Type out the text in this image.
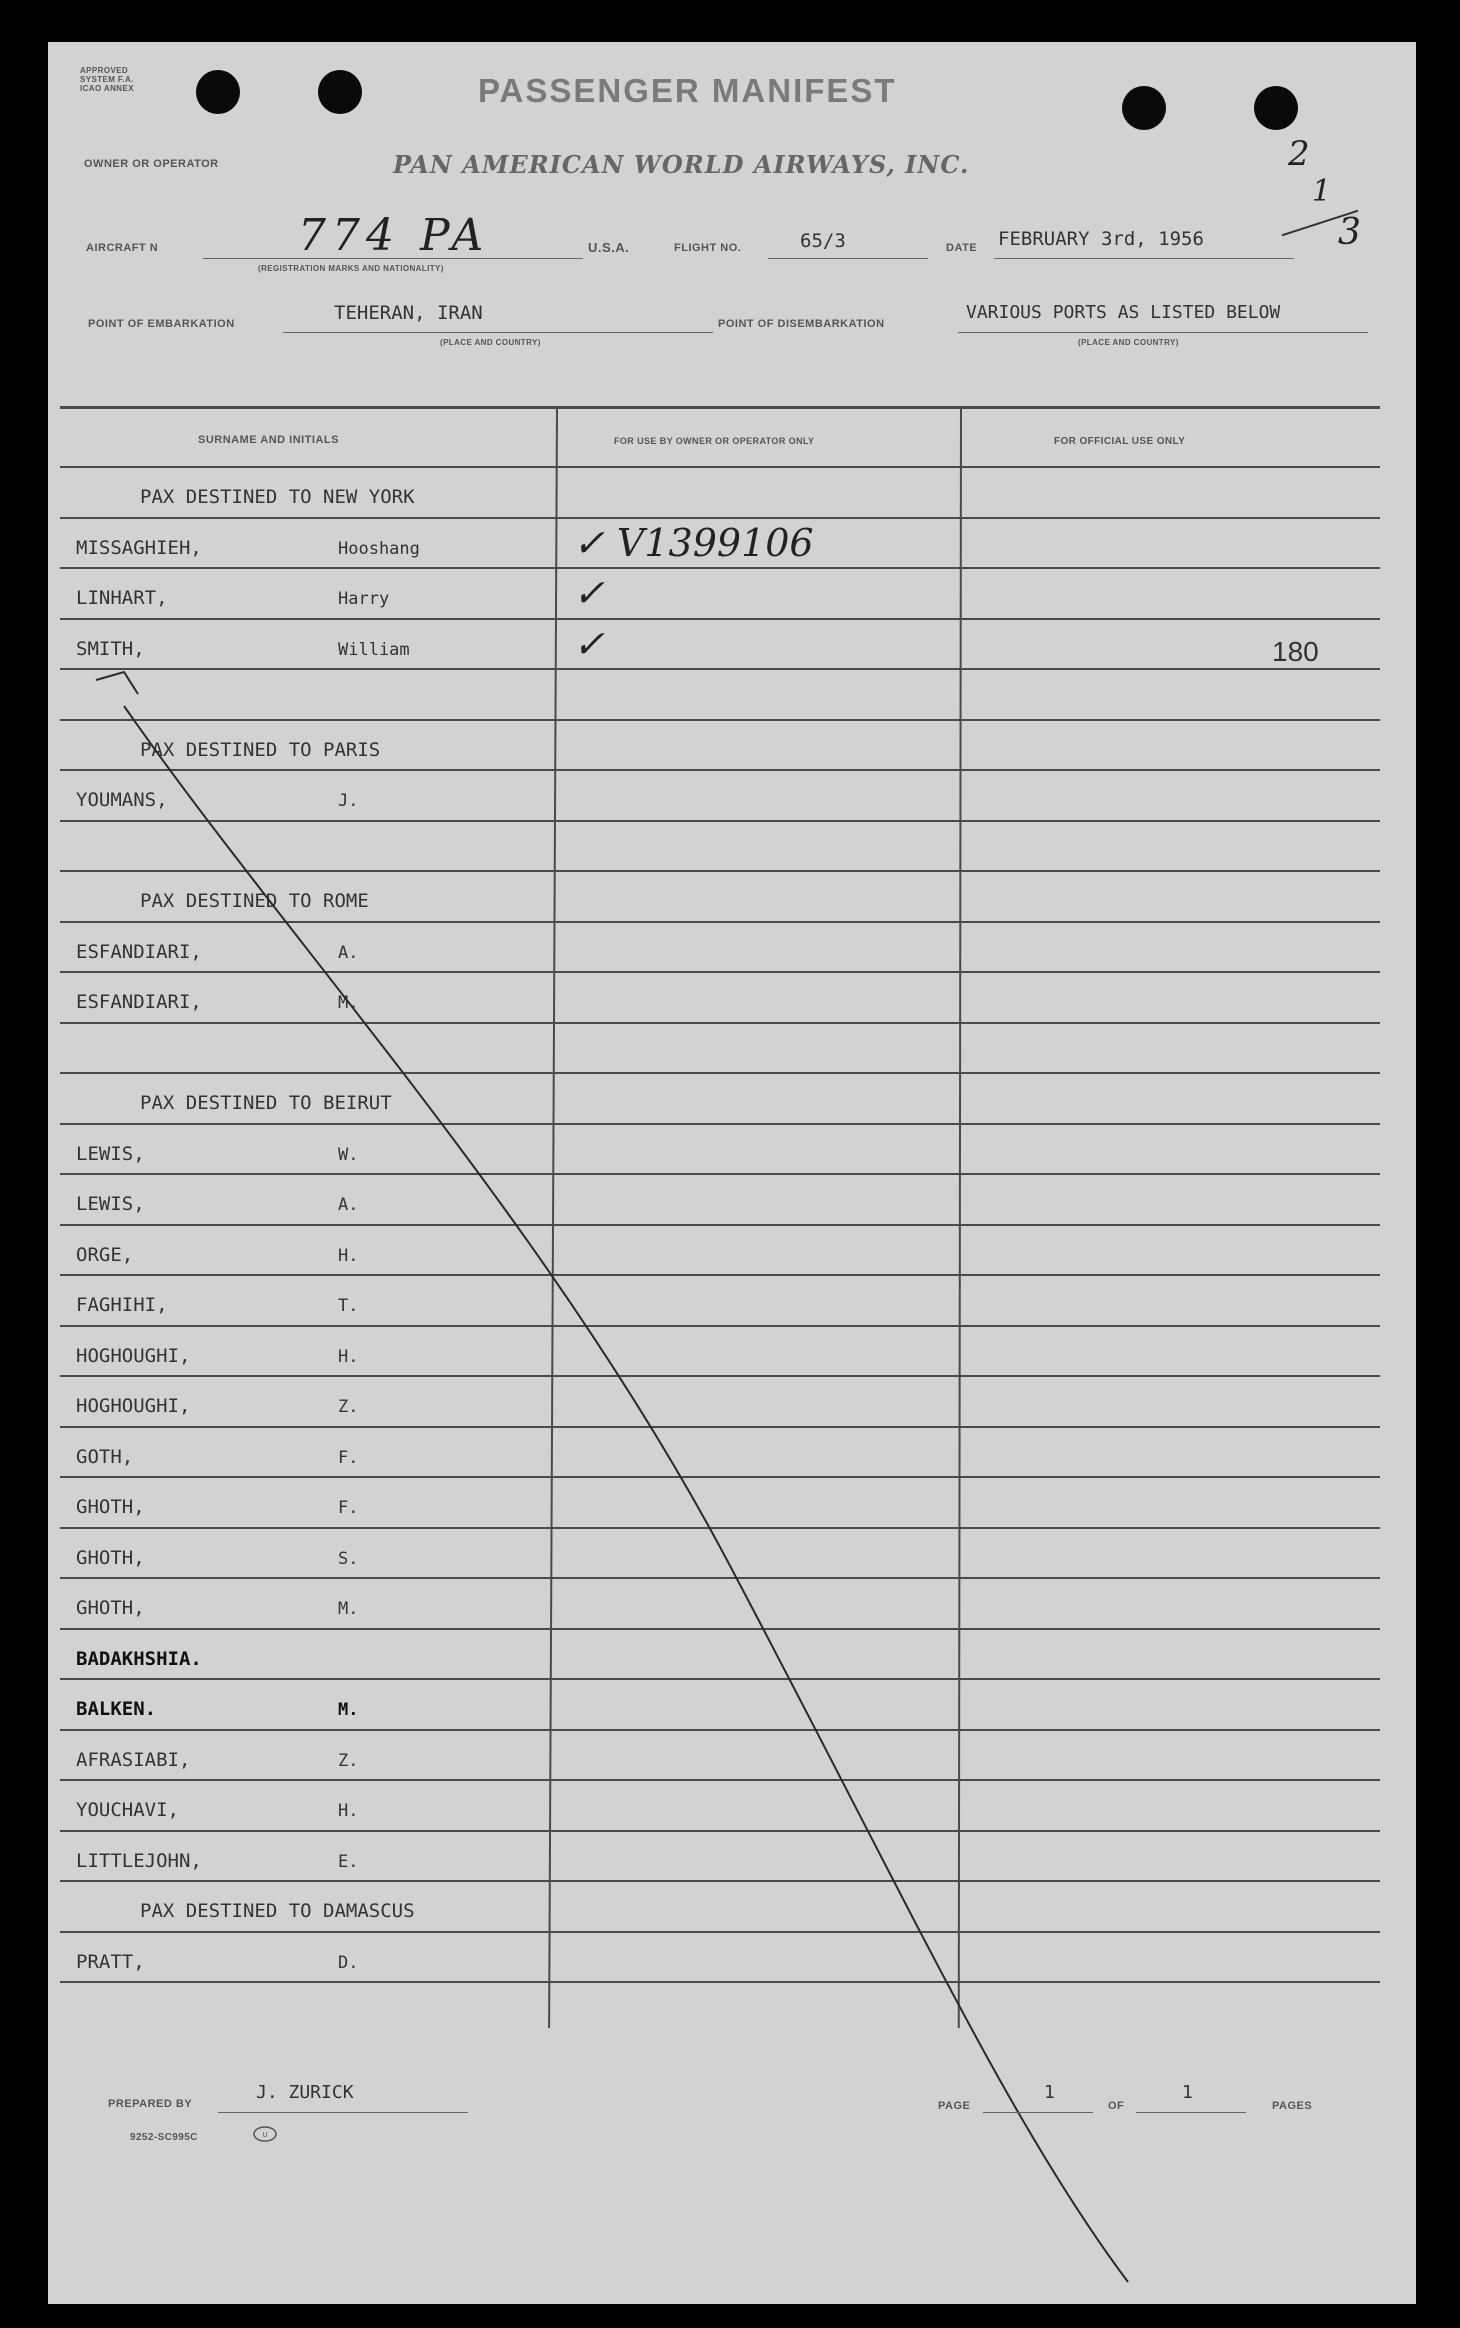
APPROVED
SYSTEM F.A.
ICAO ANNEX	PASSENGER MANIFEST
OWNER OR OPERATOR	PAN AMERICAN WORLD AIRWAYS, INC.
AIRCRAFT N	774 PA
(REGISTRATION MARKS AND NATIONALITY)
U.S.A.	FLIGHT NO.	65/3	DATE FEBRUARY 3rd, 1956
2
1
3
POINT OF EMBARKATION	TEHERAN, IRAN
(PLACE AND COUNTRY)
POINT OF DISEMBARKATION
VARIOUS PORTS AS LISTED BELOW
(PLACE AND COUNTRY)
SURNAME AND INITIALS	FOR USE BY OWNER OR OPERATOR ONLY	FOR OFFICIAL USE ONLY
PAX DESTINED TO NEW YORK
MISSAGHIEH,	Hooshang	✓ V1399106
LINHART,	Harry	✓
SMITH,	William	✓	180
PAX DESTINED TO PARIS
YOUMANS,	J.
PAX DESTINED TO ROME
ESFANDIARI,	A.
ESFANDIARI,	M.
PAX DESTINED TO BEIRUT
LEWIS,	W.
LEWIS,	A.
ORGE,	H.
FAGHIHI,	T.
HOGHOUGHI,	H.
HOGHOUGHI,	Z.
GOTH,	F.
GHOTH,	F.
GHOTH,	S.
GHOTH,	M.
BADAKHSHIA.
BALKEN.	M.
AFRASIABI,	Z.
YOUCHAVI,	H.
LITTLEJOHN,	E.
PAX DESTINED TO DAMASCUS
PRATT,	D.
PREPARED BY
J. ZURICK
PAGE
1
OF
1
PAGES
9252-SC995C	U
